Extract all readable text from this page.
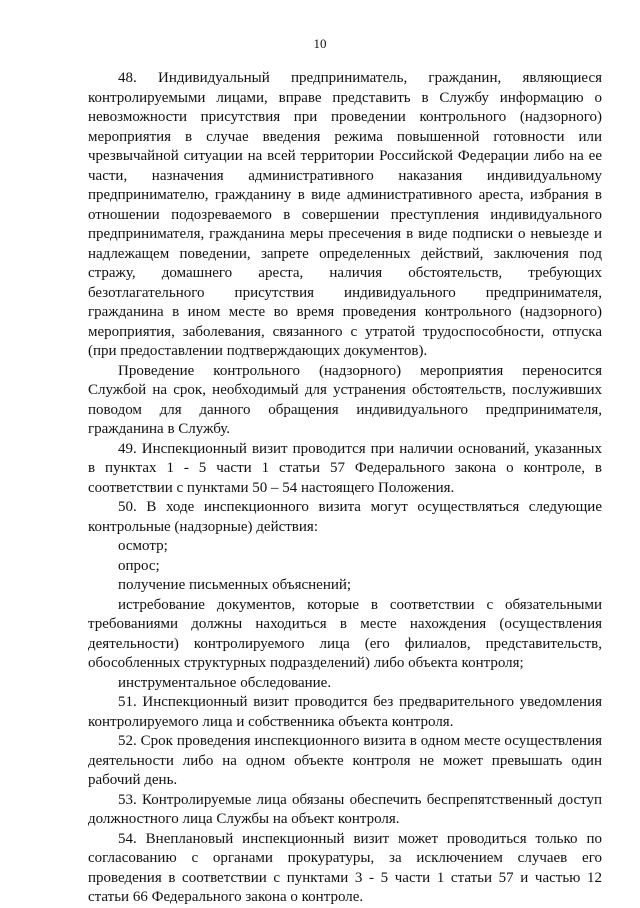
10

48. Индивидуальный предприниматель, гражданин, являющиеся контролируемыми лицами, вправе представить в Службу информацию о невозможности присутствия при проведении контрольного (надзорного) мероприятия в случае введения режима повышенной готовности или чрезвычайной ситуации на всей территории Российской Федерации либо на ее части, назначения административного наказания индивидуальному предпринимателю, гражданину в виде административного ареста, избрания в отношении подозреваемого в совершении преступления индивидуального предпринимателя, гражданина меры пресечения в виде подписки о невыезде и надлежащем поведении, запрете определенных действий, заключения под стражу, домашнего ареста, наличия обстоятельств, требующих безотлагательного присутствия индивидуального предпринимателя, гражданина в ином месте во время проведения контрольного (надзорного) мероприятия, заболевания, связанного с утратой трудоспособности, отпуска (при предоставлении подтверждающих документов).

Проведение контрольного (надзорного) мероприятия переносится Службой на срок, необходимый для устранения обстоятельств, послуживших поводом для данного обращения индивидуального предпринимателя, гражданина в Службу.

49. Инспекционный визит проводится при наличии оснований, указанных в пунктах 1 - 5 части 1 статьи 57 Федерального закона о контроле, в соответствии с пунктами 50 – 54 настоящего Положения.

50. В ходе инспекционного визита могут осуществляться следующие контрольные (надзорные) действия:

осмотр;

опрос;

получение письменных объяснений;

истребование документов, которые в соответствии с обязательными требованиями должны находиться в месте нахождения (осуществления деятельности) контролируемого лица (его филиалов, представительств, обособленных структурных подразделений) либо объекта контроля;

инструментальное обследование.

51. Инспекционный визит проводится без предварительного уведомления контролируемого лица и собственника объекта контроля.

52. Срок проведения инспекционного визита в одном месте осуществления деятельности либо на одном объекте контроля не может превышать один рабочий день.

53. Контролируемые лица обязаны обеспечить беспрепятственный доступ должностного лица Службы на объект контроля.

54. Внеплановый инспекционный визит может проводиться только по согласованию с органами прокуратуры, за исключением случаев его проведения в соответствии с пунктами 3 - 5 части 1 статьи 57 и частью 12 статьи 66 Федерального закона о контроле.
